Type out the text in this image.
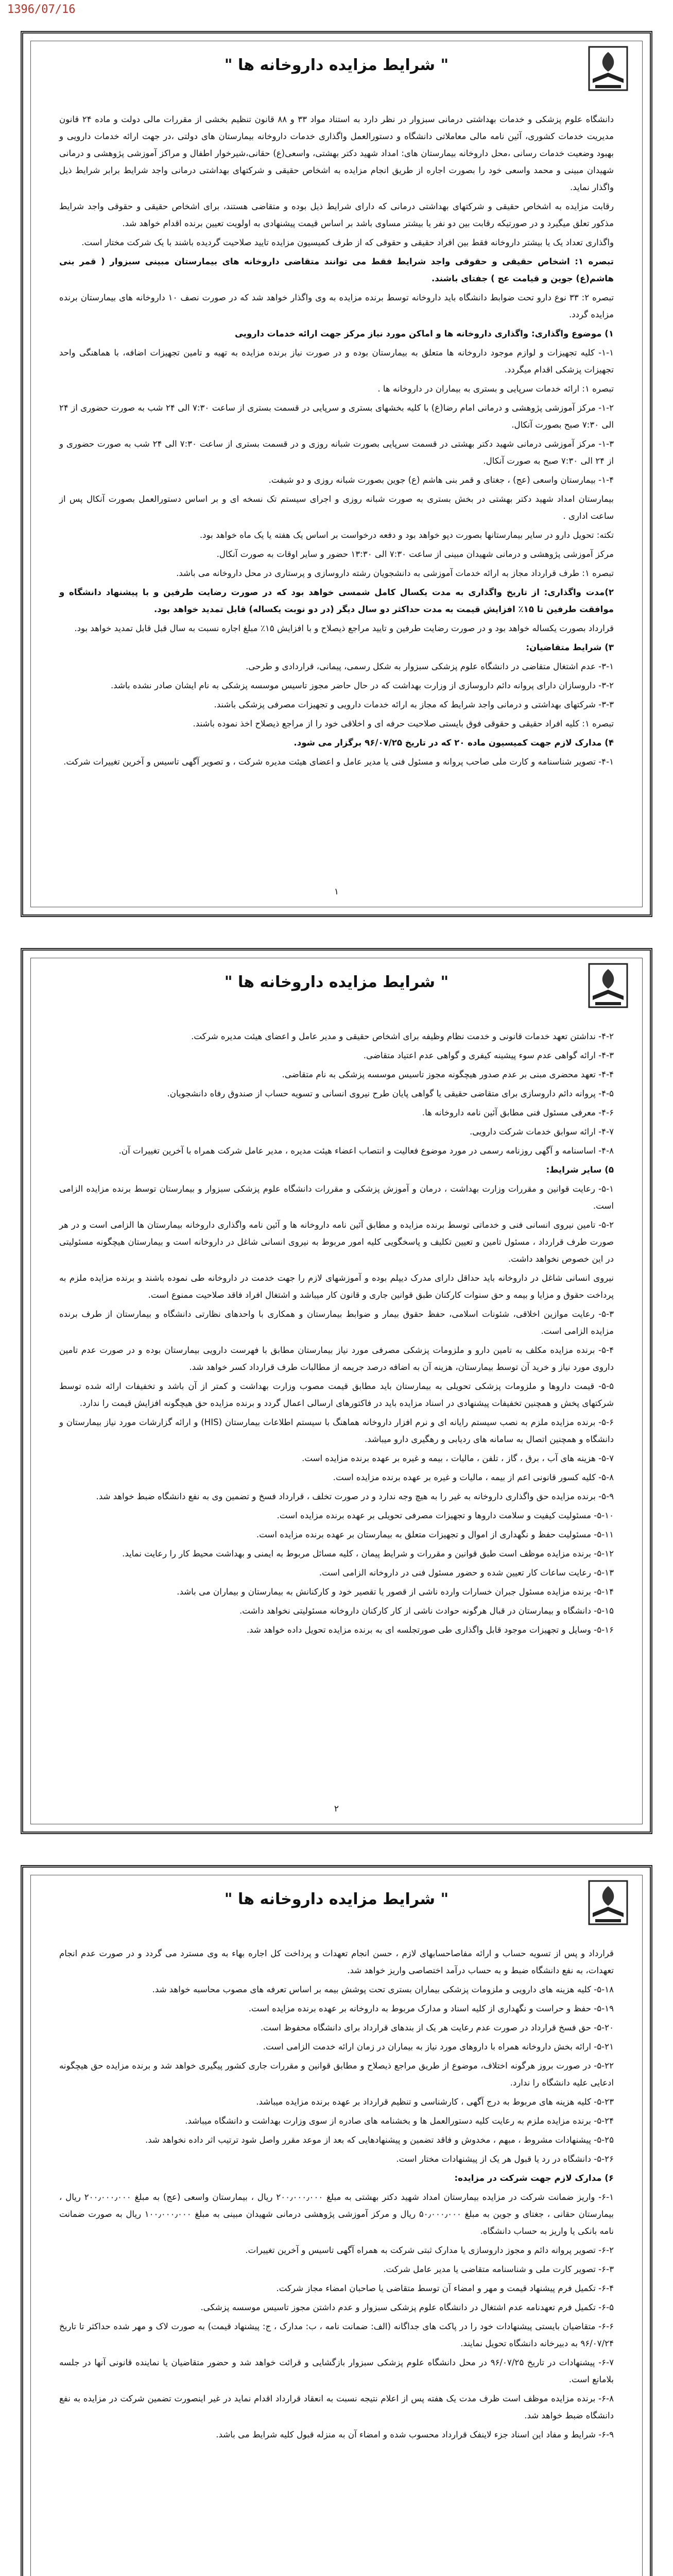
1396/07/16
" شرايط مزايده داروخانه ها "

دانشگاه علوم پزشکی و خدمات بهداشتی درمانی سبزوار در نظر دارد به استناد مواد ۳۳ و ۸۸ قانون تنظیم بخشی از مقررات مالی دولت و ماده ۲۴ قانون مدیریت خدمات کشوری، آئین نامه مالی معاملاتی دانشگاه و دستورالعمل واگذاری خدمات داروخانه بیمارستان های دولتی ،در جهت ارائه خدمات دارویی و بهبود وضعیت خدمات رسانی ،محل داروخانه بیمارستان های: امداد شهید دکتر بهشتی، واسعی(ع) حقانی،شیرخوار اطفال و مراکز آموزشی پژوهشی و درمانی شهیدان مبینی و محمد واسعی خود را بصورت اجاره از طریق انجام مزایده به اشخاص حقیقی و شرکتهای بهداشتی درمانی واجد شرایط برابر شرایط ذیل واگذار نماید.

رقابت مزایده به اشخاص حقیقی و شرکتهای بهداشتی درمانی که دارای شرایط ذیل بوده و متقاضی هستند، برای اشخاص حقیقی و حقوقی واجد شرایط مذکور تعلق میگیرد و در صورتیکه رقابت بین دو نفر یا بیشتر مساوی باشد بر اساس قیمت پیشنهادی به اولویت تعیین برنده اقدام خواهد شد.

واگذاری تعداد یک یا بیشتر داروخانه فقط بین افراد حقیقی و حقوقی که از طرف کمیسیون مزایده تایید صلاحیت گردیده باشند با یک شرکت مختار است.

تبصره ۱: اشخاص حقیقی و حقوقی واجد شرایط فقط می توانند متقاضی داروخانه های بیمارستان مبینی سبزوار ( قمر بنی هاشم(ع) جوین و قیامت عج ) جفتای باشند.

تبصره ۲: ۳۳ نوع دارو تحت ضوابط دانشگاه باید داروخانه توسط برنده مزایده به وی واگذار خواهد شد که در صورت نصف ۱۰ داروخانه های بیمارستان برنده مزایده گردد.

۱) موضوع واگذاری: واگذاری داروخانه ها و اماکن مورد نیاز مرکز جهت ارائه خدمات دارویی

۱-۱- کلیه تجهیزات و لوازم موجود داروخانه ها متعلق به بیمارستان بوده و در صورت نیاز برنده مزایده به تهیه و تامین تجهیزات اضافه، با هماهنگی واحد تجهیزات پزشکی اقدام میگردد.

تبصره ۱: ارائه خدمات سرپایی و بستری به بیماران در داروخانه ها .

۱-۲- مرکز آموزشی پژوهشی و درمانی امام رضا(ع) با کلیه بخشهای بستری و سرپایی در قسمت بستری از ساعت ۷:۳۰ الی ۲۴ شب به صورت حضوری از ۲۴ الی ۷:۳۰ صبح بصورت آنکال.

۱-۳- مرکز آموزشی درمانی شهید دکتر بهشتی در قسمت سرپایی بصورت شبانه روزی و در قسمت بستری از ساعت ۷:۳۰ الی ۲۴ شب به صورت حضوری و از ۲۴ الی ۷:۳۰ صبح به صورت آنکال.

۱-۴- بیمارستان واسعی (عج) ، جغتای و قمر بنی هاشم (ع) جوین بصورت شبانه روزی و دو شیفت.

بیمارستان امداد شهید دکتر بهشتی در بخش بستری به صورت شبانه روزی و اجرای سیستم تک نسخه ای و بر اساس دستورالعمل بصورت آنکال پس از ساعت اداری .

تکته: تحویل دارو در سایر بیمارستانها بصورت دپو خواهد بود و دفعه درخواست بر اساس یک هفته یا یک ماه خواهد بود.

مرکز آموزشی پژوهشی و درمانی شهیدان مبینی از ساعت ۷:۳۰ الی ۱۳:۳۰ حضور و سایر اوقات به صورت آنکال.

تبصره ۱: طرف قرارداد مجاز به ارائه خدمات آموزشی به دانشجویان رشته داروسازی و پرستاری در محل داروخانه می باشد.

۲)مدت واگذاری: از تاریخ واگذاری به مدت یکسال کامل شمسی خواهد بود که در صورت رضایت طرفین و با پیشنهاد دانشگاه و موافقت طرفین تا ۱۵٪ افزایش قیمت به مدت حداکثر دو سال دیگر (در دو نوبت یکساله) قابل تمدید خواهد بود.

قرارداد بصورت یکساله خواهد بود و در صورت رضایت طرفین و تایید مراجع ذیصلاح و با افزایش ۱۵٪ مبلغ اجاره نسبت به سال قبل قابل تمدید خواهد بود.

۳) شرایط متقاضیان:

۳-۱- عدم اشتغال متقاضی در دانشگاه علوم پزشکی سبزوار به شکل رسمی، پیمانی، قراردادی و طرحی.

۳-۲- داروسازان دارای پروانه دائم داروسازی از وزارت بهداشت که در حال حاضر مجوز تاسیس موسسه پزشکی به نام ایشان صادر نشده باشد.

۳-۳- شرکتهای بهداشتی و درمانی واجد شرایط که مجاز به ارائه خدمات دارویی و تجهیزات مصرفی پزشکی باشند.

تبصره ۱: کلیه افراد حقیقی و حقوقی فوق بایستی صلاحیت حرفه ای و اخلاقی خود را از مراجع ذیصلاح اخذ نموده باشند.

۴) مدارک لازم جهت کمیسیون ماده ۲۰ که در تاریخ ۹۶/۰۷/۲۵ برگزار می شود.

۴-۱- تصویر شناسنامه و کارت ملی صاحب پروانه و مسئول فنی یا مدیر عامل و اعضای هیئت مدیره شرکت ، و تصویر آگهی تاسیس و آخرین تغییرات شرکت.

۱
" شرايط مزايده داروخانه ها "

۴-۲- نداشتن تعهد خدمات قانونی و خدمت نظام وظیفه برای اشخاص حقیقی و مدیر عامل و اعضای هیئت مدیره شرکت.

۴-۳- ارائه گواهی عدم سوء پیشینه کیفری و گواهی عدم اعتیاد متقاضی.

۴-۴- تعهد محضری مبنی بر عدم صدور هیچگونه مجوز تاسیس موسسه پزشکی به نام متقاضی.

۴-۵- پروانه دائم داروسازی برای متقاضی حقیقی یا گواهی پایان طرح نیروی انسانی و تسویه حساب از صندوق رفاه دانشجویان.

۴-۶- معرفی مسئول فنی مطابق آئین نامه داروخانه ها.

۴-۷- ارائه سوابق خدمات شرکت دارویی.

۴-۸- اساسنامه و آگهی روزنامه رسمی در مورد موضوع فعالیت و انتصاب اعضاء هیئت مدیره ، مدیر عامل شرکت همراه با آخرین تغییرات آن.

۵) سایر شرایط:

۵-۱- رعایت قوانین و مقررات وزارت بهداشت ، درمان و آموزش پزشکی و مقررات دانشگاه علوم پزشکی سبزوار و بیمارستان توسط برنده مزایده الزامی است.

۵-۲- تامین نیروی انسانی فنی و خدماتی توسط برنده مزایده و مطابق آئین نامه داروخانه ها و آئین نامه واگذاری داروخانه بیمارستان ها الزامی است و در هر صورت طرف قرارداد ، مسئول تامین و تعیین تکلیف و پاسخگویی کلیه امور مربوط به نیروی انسانی شاغل در داروخانه است و بیمارستان هیچگونه مسئولیتی در این خصوص نخواهد داشت.

نیروی انسانی شاغل در داروخانه باید حداقل دارای مدرک دیپلم بوده و آموزشهای لازم را جهت خدمت در داروخانه طی نموده باشند و برنده مزایده ملزم به پرداخت حقوق و مزایا و بیمه و حق سنوات کارکنان طبق قوانین جاری و قانون کار میباشد و اشتغال افراد فاقد صلاحیت ممنوع است.

۵-۳- رعایت موازین اخلاقی، شئونات اسلامی، حفظ حقوق بیمار و ضوابط بیمارستان و همکاری با واحدهای نظارتی دانشگاه و بیمارستان از طرف برنده مزایده الزامی است.

۵-۴- برنده مزایده مکلف به تامین دارو و ملزومات پزشکی مصرفی مورد نیاز بیمارستان مطابق با فهرست دارویی بیمارستان بوده و در صورت عدم تامین داروی مورد نیاز و خرید آن توسط بیمارستان، هزینه آن به اضافه درصد جریمه از مطالبات طرف قرارداد کسر خواهد شد.

۵-۵- قیمت داروها و ملزومات پزشکی تحویلی به بیمارستان باید مطابق قیمت مصوب وزارت بهداشت و کمتر از آن باشد و تخفیفات ارائه شده توسط شرکتهای پخش و همچنین تخفیفات پیشنهادی در اسناد مزایده باید در فاکتورهای ارسالی اعمال گردد و برنده مزایده حق هیچگونه افزایش قیمت را ندارد.

۵-۶- برنده مزایده ملزم به نصب سیستم رایانه ای و نرم افزار داروخانه هماهنگ با سیستم اطلاعات بیمارستان (HIS) و ارائه گزارشات مورد نیاز بیمارستان و دانشگاه و همچنین اتصال به سامانه های ردیابی و رهگیری دارو میباشد.

۵-۷- هزینه های آب ، برق ، گاز ، تلفن ، مالیات ، بیمه و غیره بر عهده برنده مزایده است.

۵-۸- کلیه کسور قانونی اعم از بیمه ، مالیات و غیره بر عهده برنده مزایده است.

۵-۹- برنده مزایده حق واگذاری داروخانه به غیر را به هیچ وجه ندارد و در صورت تخلف ، قرارداد فسخ و تضمین وی به نفع دانشگاه ضبط خواهد شد.

۵-۱۰- مسئولیت کیفیت و سلامت داروها و تجهیزات مصرفی تحویلی بر عهده برنده مزایده است.

۵-۱۱- مسئولیت حفظ و نگهداری از اموال و تجهیزات متعلق به بیمارستان بر عهده برنده مزایده است.

۵-۱۲- برنده مزایده موظف است طبق قوانین و مقررات و شرایط پیمان ، کلیه مسائل مربوط به ایمنی و بهداشت محیط کار را رعایت نماید.

۵-۱۳- رعایت ساعات کار تعیین شده و حضور مسئول فنی در داروخانه الزامی است.

۵-۱۴- برنده مزایده مسئول جبران خسارات وارده ناشی از قصور یا تقصیر خود و کارکنانش به بیمارستان و بیماران می باشد.

۵-۱۵- دانشگاه و بیمارستان در قبال هرگونه حوادث ناشی از کار کارکنان داروخانه مسئولیتی نخواهد داشت.

۵-۱۶- وسایل و تجهیزات موجود قابل واگذاری طی صورتجلسه ای به برنده مزایده تحویل داده خواهد شد.

۲
" شرايط مزايده داروخانه ها "

قرارداد و پس از تسویه حساب و ارائه مفاصاحسابهای لازم ، حسن انجام تعهدات و پرداخت کل اجاره بهاء به وی مسترد می گردد و در صورت عدم انجام تعهدات، به نفع دانشگاه ضبط و به حساب درآمد اختصاصی واریز خواهد شد.

۵-۱۸- کلیه هزینه های دارویی و ملزومات پزشکی بیماران بستری تحت پوشش بیمه بر اساس تعرفه های مصوب محاسبه خواهد شد.

۵-۱۹- حفظ و حراست و نگهداری از کلیه اسناد و مدارک مربوط به داروخانه بر عهده برنده مزایده است.

۵-۲۰- حق فسخ قرارداد در صورت عدم رعایت هر یک از بندهای قرارداد برای دانشگاه محفوظ است.

۵-۲۱- ارائه بخش داروخانه همراه با داروهای مورد نیاز به بیماران در زمان ارائه خدمت الزامی است.

۵-۲۲- در صورت بروز هرگونه اختلاف، موضوع از طریق مراجع ذیصلاح و مطابق قوانین و مقررات جاری کشور پیگیری خواهد شد و برنده مزایده حق هیچگونه ادعایی علیه دانشگاه را ندارد.

۵-۲۳- کلیه هزینه های مربوط به درج آگهی ، کارشناسی و تنظیم قرارداد بر عهده برنده مزایده میباشد.

۵-۲۴- برنده مزایده ملزم به رعایت کلیه دستورالعمل ها و بخشنامه های صادره از سوی وزارت بهداشت و دانشگاه میباشد.

۵-۲۵- پیشنهادات مشروط ، مبهم ، مخدوش و فاقد تضمین و پیشنهادهایی که بعد از موعد مقرر واصل شود ترتیب اثر داده نخواهد شد.

۵-۲۶- دانشگاه در رد یا قبول هر یک از پیشنهادات مختار است.

۶) مدارک لازم جهت شرکت در مزایده:

۶-۱- واریز ضمانت شرکت در مزایده بیمارستان امداد شهید دکتر بهشتی به مبلغ ۲۰۰٫۰۰۰٫۰۰۰ ریال ، بیمارستان واسعی (عج) به مبلغ ۲۰۰٫۰۰۰٫۰۰۰ ریال ، بیمارستان حقانی ، جغتای و جوین به مبلغ ۵۰٫۰۰۰٫۰۰۰ ریال و مرکز آموزشی پژوهشی درمانی شهیدان مبینی به مبلغ ۱۰۰٫۰۰۰٫۰۰۰ ریال به صورت ضمانت نامه بانکی یا واریز به حساب دانشگاه.

۶-۲- تصویر پروانه دائم و مجوز داروسازی یا مدارک ثبتی شرکت به همراه آگهی تاسیس و آخرین تغییرات.

۶-۳- تصویر کارت ملی و شناسنامه متقاضی یا مدیر عامل شرکت.

۶-۴- تکمیل فرم پیشنهاد قیمت و مهر و امضاء آن توسط متقاضی یا صاحبان امضاء مجاز شرکت.

۶-۵- تکمیل فرم تعهدنامه عدم اشتغال در دانشگاه علوم پزشکی سبزوار و عدم داشتن مجوز تاسیس موسسه پزشکی.

۶-۶- متقاضیان بایستی پیشنهادات خود را در پاکت های جداگانه (الف: ضمانت نامه ، ب: مدارک ، ج: پیشنهاد قیمت) به صورت لاک و مهر شده حداکثر تا تاریخ ۹۶/۰۷/۲۴ به دبیرخانه دانشگاه تحویل نمایند.

۶-۷- پیشنهادات در تاریخ ۹۶/۰۷/۲۵ در محل دانشگاه علوم پزشکی سبزوار بازگشایی و قرائت خواهد شد و حضور متقاضیان یا نماینده قانونی آنها در جلسه بلامانع است.

۶-۸- برنده مزایده موظف است ظرف مدت یک هفته پس از اعلام نتیجه نسبت به انعقاد قرارداد اقدام نماید در غیر اینصورت تضمین شرکت در مزایده به نفع دانشگاه ضبط خواهد شد.

۶-۹- شرایط و مفاد این اسناد جزء لاینفک قرارداد محسوب شده و امضاء آن به منزله قبول کلیه شرایط می باشد.
